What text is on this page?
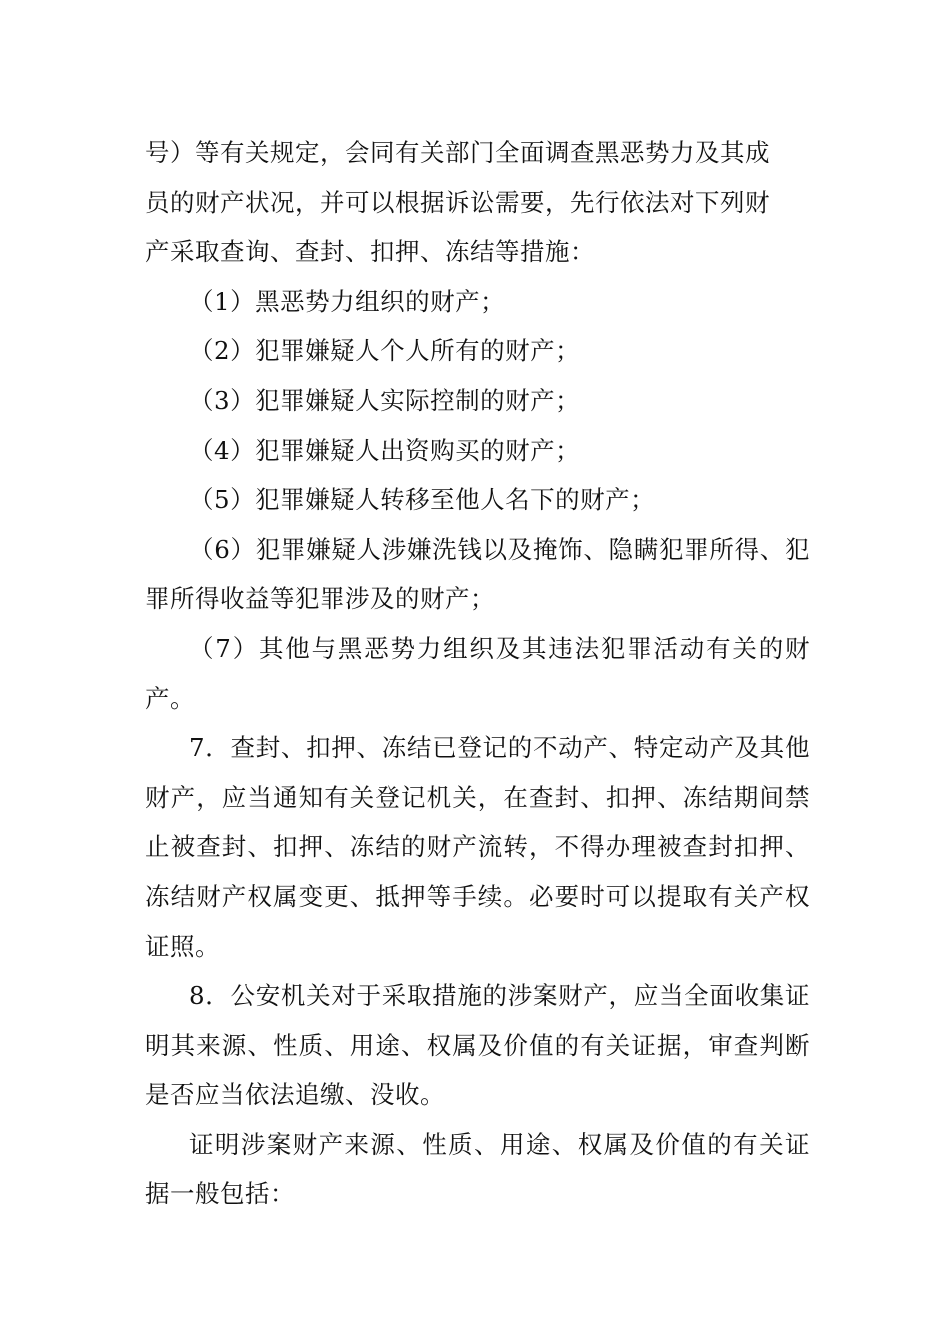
号）等有关规定，会同有关部门全面调查黑恶势力及其成
员的财产状况，并可以根据诉讼需要，先行依法对下列财
产采取查询、查封、扣押、冻结等措施：

（1）黑恶势力组织的财产；

（2）犯罪嫌疑人个人所有的财产；

（3）犯罪嫌疑人实际控制的财产；

（4）犯罪嫌疑人出资购买的财产；

（5）犯罪嫌疑人转移至他人名下的财产；

（6）犯罪嫌疑人涉嫌洗钱以及掩饰、隐瞒犯罪所得、犯罪所得收益等犯罪涉及的财产；

（7）其他与黑恶势力组织及其违法犯罪活动有关的财产。

7．查封、扣押、冻结已登记的不动产、特定动产及其他财产，应当通知有关登记机关，在查封、扣押、冻结期间禁止被查封、扣押、冻结的财产流转，不得办理被查封扣押、冻结财产权属变更、抵押等手续。必要时可以提取有关产权证照。

8．公安机关对于采取措施的涉案财产，应当全面收集证明其来源、性质、用途、权属及价值的有关证据，审查判断是否应当依法追缴、没收。

证明涉案财产来源、性质、用途、权属及价值的有关证据一般包括：
